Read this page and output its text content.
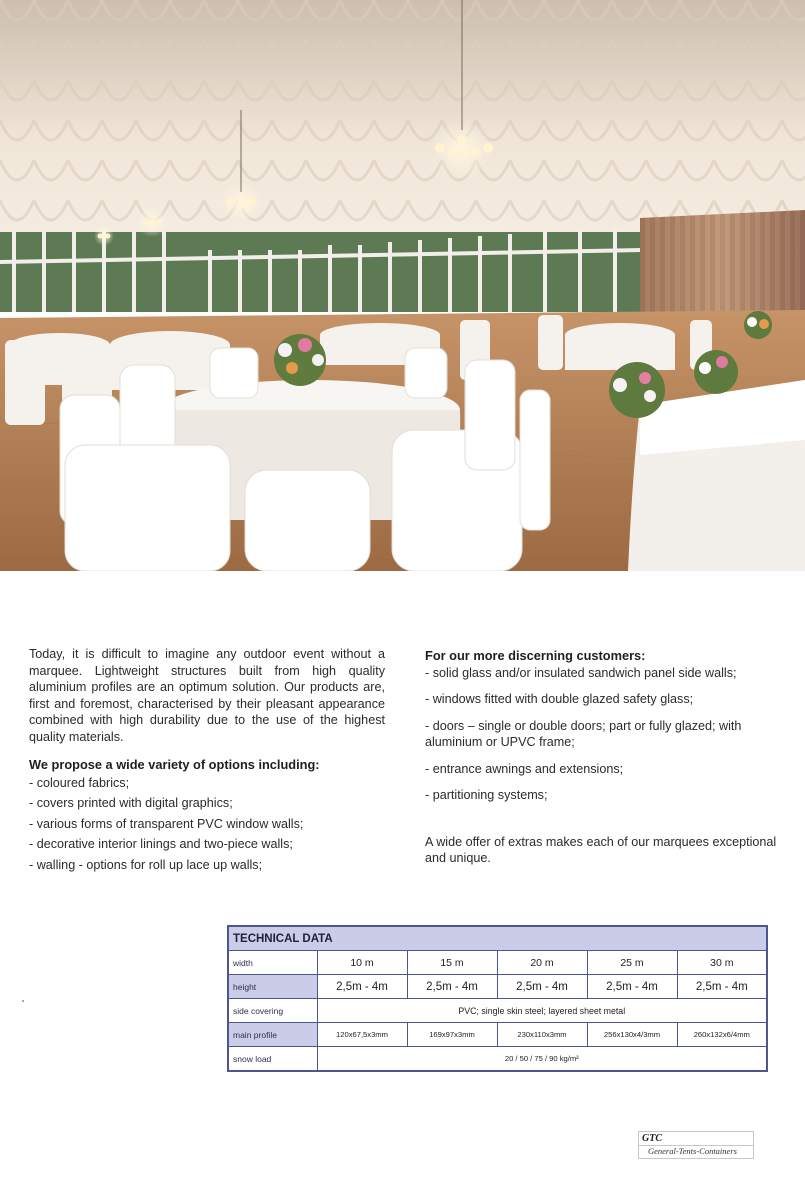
Today, it is difficult to imagine any outdoor event without a marquee. Lightweight structures built from high quality aluminium profiles are an optimum solution. Our products are, first and foremost, characterised by their pleasant appearance combined with high durability due to the use of the highest quality materials.

We propose a wide variety of options including:
- coloured fabrics;
- covers printed with digital graphics;
- various forms of transparent PVC window walls;
- decorative interior linings and two-piece walls;
- walling - options for roll up lace up walls;
For our more discerning customers:
- solid glass and/or insulated sandwich panel side walls;
- windows fitted with double glazed safety glass;
- doors – single or double doors; part or fully glazed; with aluminium or UPVC frame;
- entrance awnings and extensions;
- partitioning systems;

A wide offer of extras makes each of our marquees exceptional and unique.

TECHNICAL DATA					
width	10 m	15 m	20 m	25 m	30 m
height	2,5m - 4m	2,5m - 4m	2,5m - 4m	2,5m - 4m	2,5m - 4m
side covering	PVC; single skin steel; layered sheet metal				
main profile	120x67,5x3mm	169x97x3mm	230x110x3mm	256x130x4/3mm	260x132x6/4mm
snow load	20 / 50 / 75 / 90 kg/m²				
GTC
General-Tents-Containers
